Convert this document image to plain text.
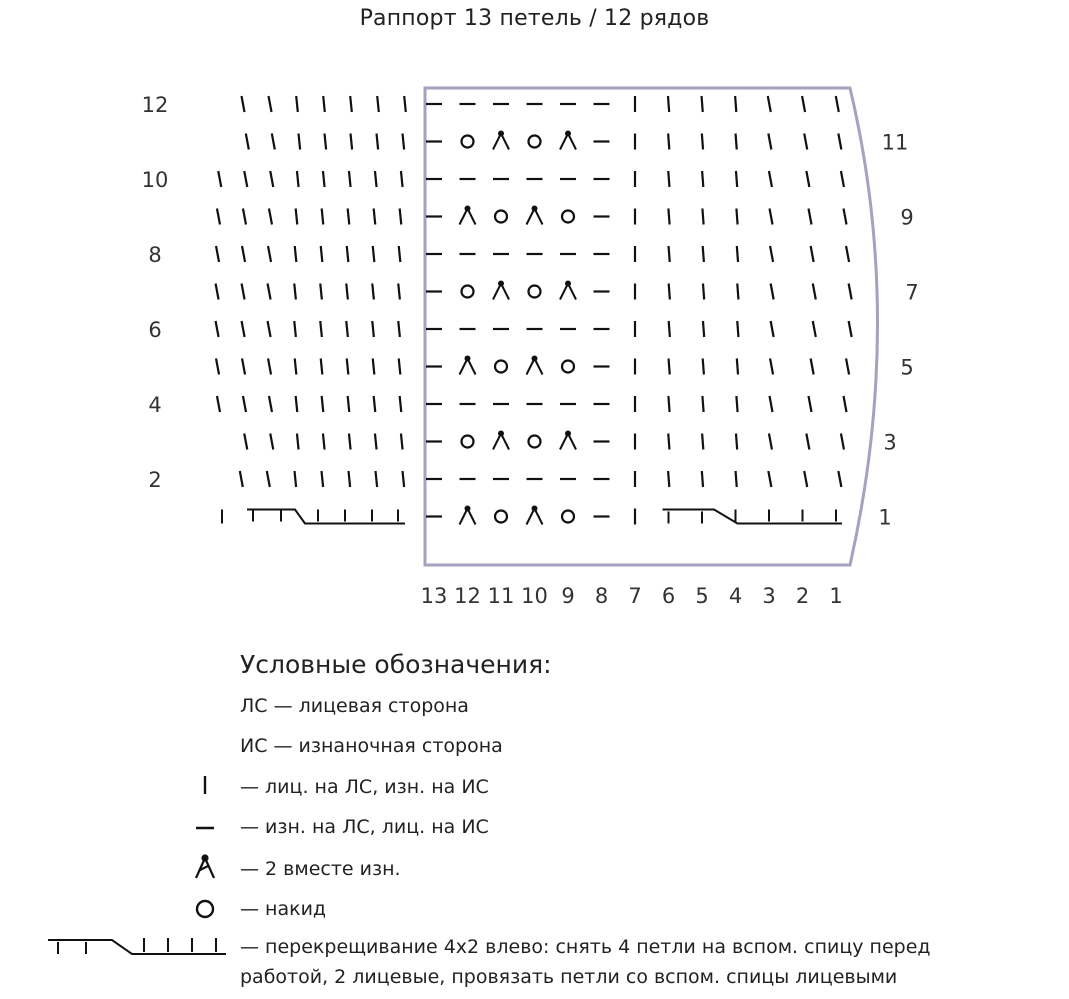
Раппорт 13 петель / 12 рядов
12
10
8
6
4
2
11
9
7
5
3
1
13 12 11 10 9 8 7 6 5 4 3 2 1
Условные обозначения:
ЛС — лицевая сторона
ИС — изнаночная сторона
— лиц. на ЛС, изн. на ИС
— изн. на ЛС, лиц. на ИС
— 2 вместе изн.
— накид
— перекрещивание 4х2 влево: снять 4 петли на вспом. спицу перед
работой, 2 лицевые, провязать петли со вспом. спицы лицевыми
